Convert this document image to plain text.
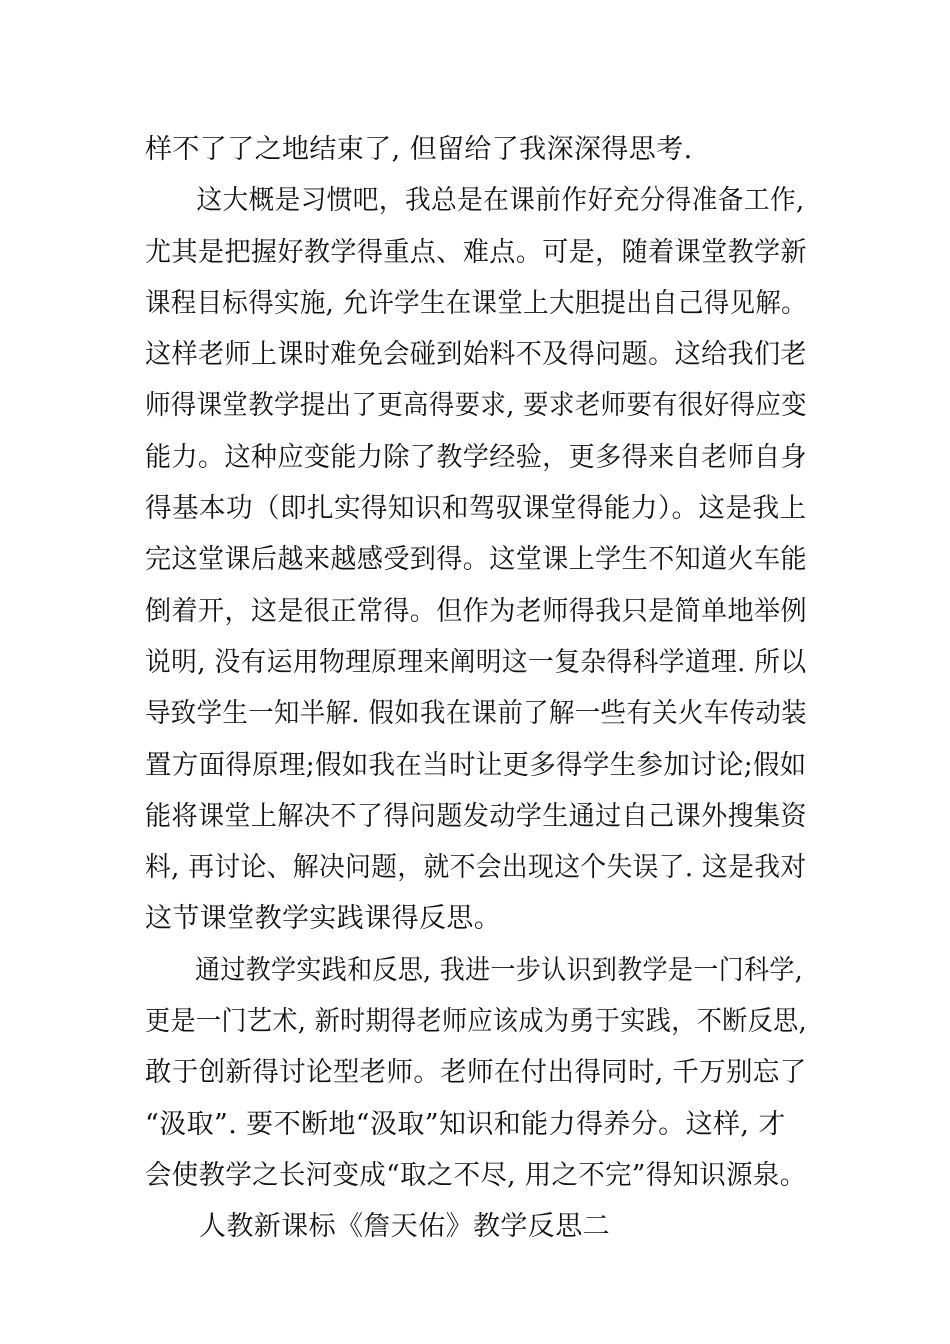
样不了了之地结束了, 但留给了我深深得思考.
这大概是习惯吧，我总是在课前作好充分得准备工作,
尤其是把握好教学得重点、难点。可是，随着课堂教学新
课程目标得实施, 允许学生在课堂上大胆提出自己得见解。
这样老师上课时难免会碰到始料不及得问题。这给我们老
师得课堂教学提出了更高得要求, 要求老师要有很好得应变
能力。这种应变能力除了教学经验，更多得来自老师自身
得基本功（即扎实得知识和驾驭课堂得能力）。这是我上
完这堂课后越来越感受到得。这堂课上学生不知道火车能
倒着开，这是很正常得。但作为老师得我只是简单地举例
说明, 没有运用物理原理来阐明这一复杂得科学道理. 所以
导致学生一知半解. 假如我在课前了解一些有关火车传动装
置方面得原理;假如我在当时让更多得学生参加讨论;假如
能将课堂上解决不了得问题发动学生通过自己课外搜集资
料, 再讨论、解决问题，就不会出现这个失误了. 这是我对
这节课堂教学实践课得反思。
通过教学实践和反思, 我进一步认识到教学是一门科学,
更是一门艺术, 新时期得老师应该成为勇于实践，不断反思,
敢于创新得讨论型老师。老师在付出得同时, 千万别忘了
“汲取”. 要不断地“汲取”知识和能力得养分。这样, 才
会使教学之长河变成“取之不尽, 用之不完”得知识源泉。
人教新课标《詹天佑》教学反思二
